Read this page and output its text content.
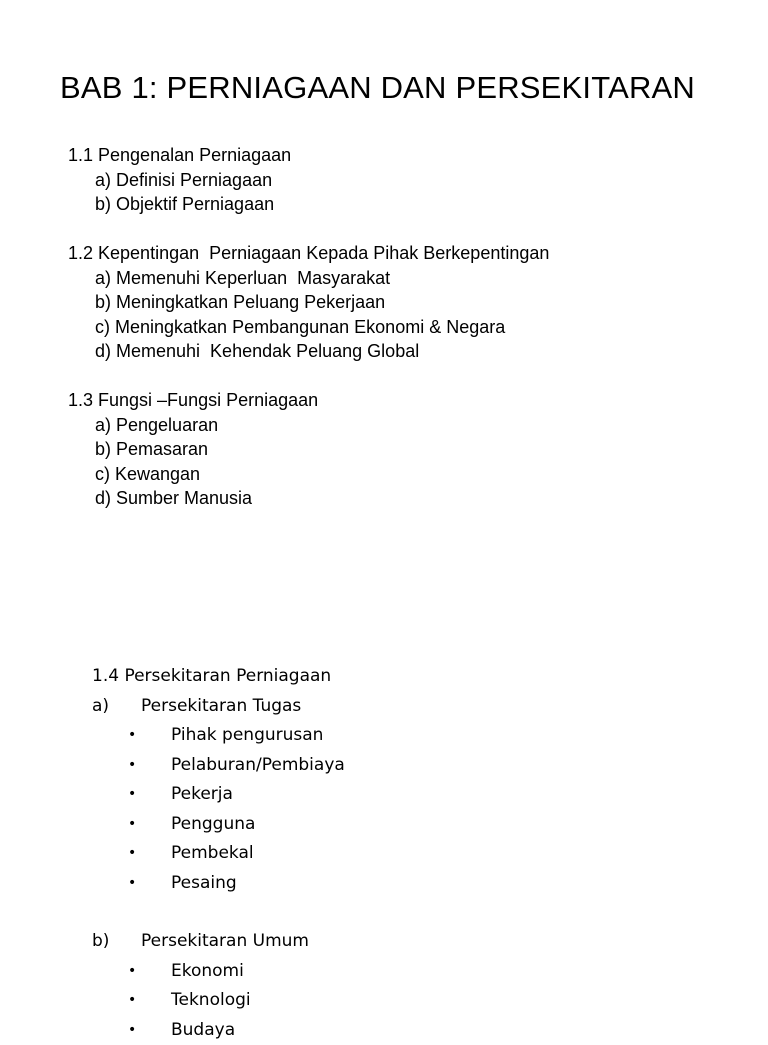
BAB 1: PERNIAGAAN DAN PERSEKITARAN
1.1 Pengenalan Perniagaan
a) Definisi Perniagaan
b) Objektif Perniagaan
1.2 Kepentingan  Perniagaan Kepada Pihak Berkepentingan
a) Memenuhi Keperluan  Masyarakat
b) Meningkatkan Peluang Pekerjaan
c) Meningkatkan Pembangunan Ekonomi & Negara
d) Memenuhi  Kehendak Peluang Global
1.3 Fungsi –Fungsi Perniagaan
a) Pengeluaran
b) Pemasaran
c) Kewangan
d) Sumber Manusia
1.4 Persekitaran Perniagaan
a)	Persekitaran Tugas
•	Pihak pengurusan
•	Pelaburan/Pembiaya
•	Pekerja
•	Pengguna
•	Pembekal
•	Pesaing
b)	Persekitaran Umum
•	Ekonomi
•	Teknologi
•	Budaya
